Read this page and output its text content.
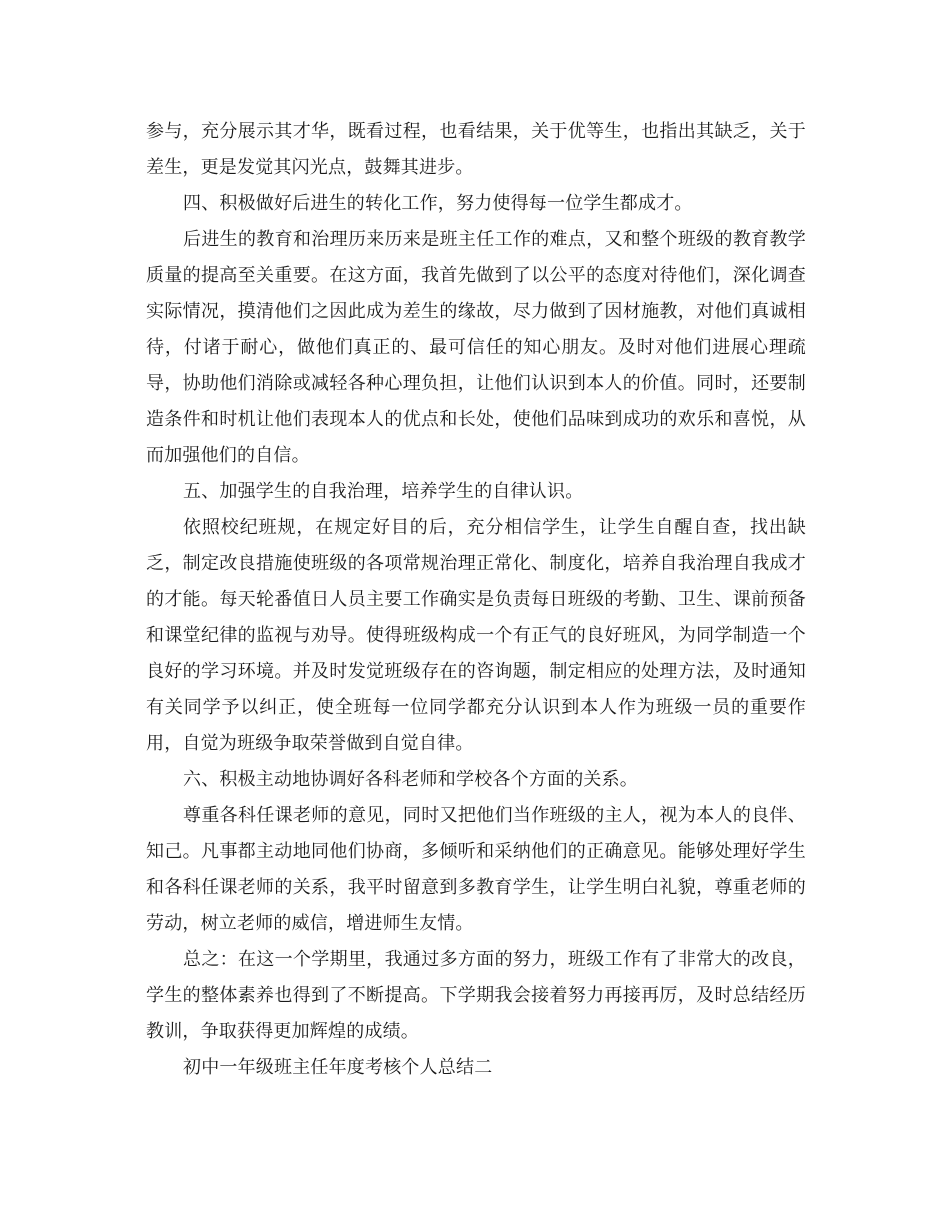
参与，充分展示其才华，既看过程，也看结果，关于优等生，也指出其缺乏，关于差生，更是发觉其闪光点，鼓舞其进步。

四、积极做好后进生的转化工作，努力使得每一位学生都成才。

后进生的教育和治理历来历来是班主任工作的难点，又和整个班级的教育教学质量的提高至关重要。在这方面，我首先做到了以公平的态度对待他们，深化调查实际情况，摸清他们之因此成为差生的缘故，尽力做到了因材施教，对他们真诚相待，付诸于耐心，做他们真正的、最可信任的知心朋友。及时对他们进展心理疏导，协助他们消除或减轻各种心理负担，让他们认识到本人的价值。同时，还要制造条件和时机让他们表现本人的优点和长处，使他们品味到成功的欢乐和喜悦，从而加强他们的自信。

五、加强学生的自我治理，培养学生的自律认识。

依照校纪班规，在规定好目的后，充分相信学生，让学生自醒自查，找出缺乏，制定改良措施使班级的各项常规治理正常化、制度化，培养自我治理自我成才的才能。每天轮番值日人员主要工作确实是负责每日班级的考勤、卫生、课前预备和课堂纪律的监视与劝导。使得班级构成一个有正气的良好班风，为同学制造一个良好的学习环境。并及时发觉班级存在的咨询题，制定相应的处理方法，及时通知有关同学予以纠正，使全班每一位同学都充分认识到本人作为班级一员的重要作用，自觉为班级争取荣誉做到自觉自律。

六、积极主动地协调好各科老师和学校各个方面的关系。

尊重各科任课老师的意见，同时又把他们当作班级的主人，视为本人的良伴、知己。凡事都主动地同他们协商，多倾听和采纳他们的正确意见。能够处理好学生和各科任课老师的关系，我平时留意到多教育学生，让学生明白礼貌，尊重老师的劳动，树立老师的威信，增进师生友情。

总之：在这一个学期里，我通过多方面的努力，班级工作有了非常大的改良，学生的整体素养也得到了不断提高。下学期我会接着努力再接再厉，及时总结经历教训，争取获得更加辉煌的成绩。

初中一年级班主任年度考核个人总结二
